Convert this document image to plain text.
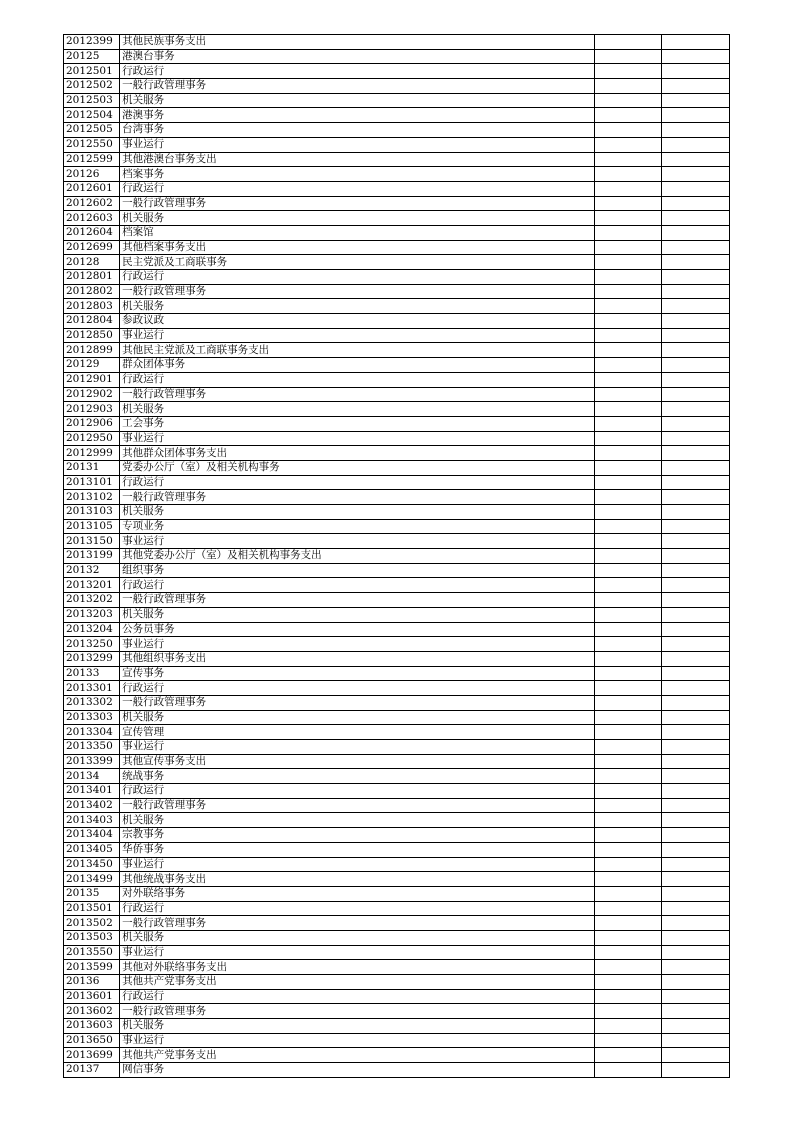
2012399	其他民族事务支出		
20125	港澳台事务		
2012501	行政运行		
2012502	一般行政管理事务		
2012503	机关服务		
2012504	港澳事务		
2012505	台湾事务		
2012550	事业运行		
2012599	其他港澳台事务支出		
20126	档案事务		
2012601	行政运行		
2012602	一般行政管理事务		
2012603	机关服务		
2012604	档案馆		
2012699	其他档案事务支出		
20128	民主党派及工商联事务		
2012801	行政运行		
2012802	一般行政管理事务		
2012803	机关服务		
2012804	参政议政		
2012850	事业运行		
2012899	其他民主党派及工商联事务支出		
20129	群众团体事务		
2012901	行政运行		
2012902	一般行政管理事务		
2012903	机关服务		
2012906	工会事务		
2012950	事业运行		
2012999	其他群众团体事务支出		
20131	党委办公厅（室）及相关机构事务		
2013101	行政运行		
2013102	一般行政管理事务		
2013103	机关服务		
2013105	专项业务		
2013150	事业运行		
2013199	其他党委办公厅（室）及相关机构事务支出		
20132	组织事务		
2013201	行政运行		
2013202	一般行政管理事务		
2013203	机关服务		
2013204	公务员事务		
2013250	事业运行		
2013299	其他组织事务支出		
20133	宣传事务		
2013301	行政运行		
2013302	一般行政管理事务		
2013303	机关服务		
2013304	宣传管理		
2013350	事业运行		
2013399	其他宣传事务支出		
20134	统战事务		
2013401	行政运行		
2013402	一般行政管理事务		
2013403	机关服务		
2013404	宗教事务		
2013405	华侨事务		
2013450	事业运行		
2013499	其他统战事务支出		
20135	对外联络事务		
2013501	行政运行		
2013502	一般行政管理事务		
2013503	机关服务		
2013550	事业运行		
2013599	其他对外联络事务支出		
20136	其他共产党事务支出		
2013601	行政运行		
2013602	一般行政管理事务		
2013603	机关服务		
2013650	事业运行		
2013699	其他共产党事务支出		
20137	网信事务		
